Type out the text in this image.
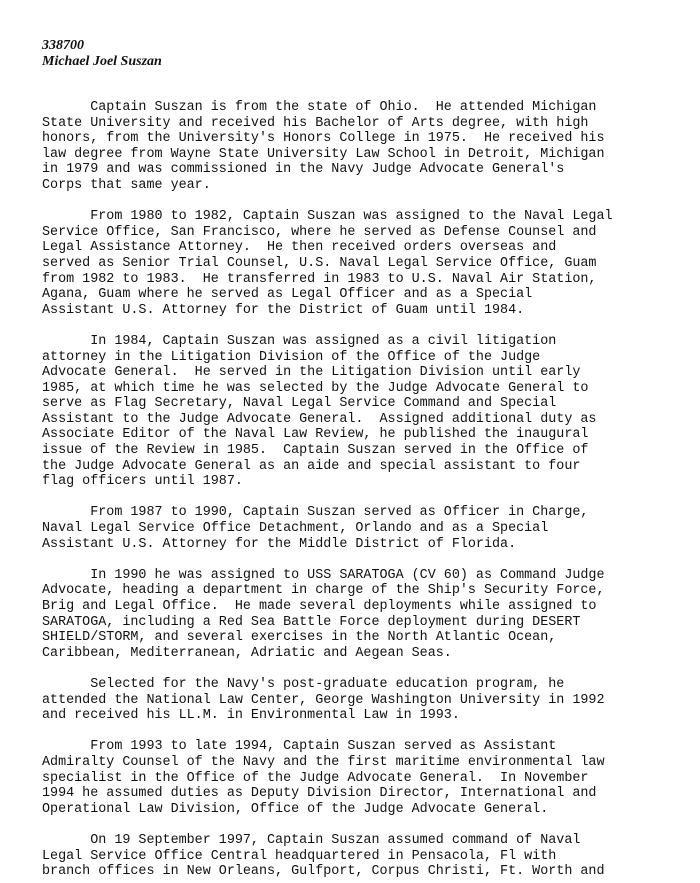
338700
Michael Joel Suszan

Captain Suszan is from the state of Ohio.  He attended Michigan
State University and received his Bachelor of Arts degree, with high
honors, from the University's Honors College in 1975.  He received his
law degree from Wayne State University Law School in Detroit, Michigan
in 1979 and was commissioned in the Navy Judge Advocate General's
Corps that same year.

From 1980 to 1982, Captain Suszan was assigned to the Naval Legal
Service Office, San Francisco, where he served as Defense Counsel and
Legal Assistance Attorney.  He then received orders overseas and
served as Senior Trial Counsel, U.S. Naval Legal Service Office, Guam
from 1982 to 1983.  He transferred in 1983 to U.S. Naval Air Station,
Agana, Guam where he served as Legal Officer and as a Special
Assistant U.S. Attorney for the District of Guam until 1984.

In 1984, Captain Suszan was assigned as a civil litigation
attorney in the Litigation Division of the Office of the Judge
Advocate General.  He served in the Litigation Division until early
1985, at which time he was selected by the Judge Advocate General to
serve as Flag Secretary, Naval Legal Service Command and Special
Assistant to the Judge Advocate General.  Assigned additional duty as
Associate Editor of the Naval Law Review, he published the inaugural
issue of the Review in 1985.  Captain Suszan served in the Office of
the Judge Advocate General as an aide and special assistant to four
flag officers until 1987.

From 1987 to 1990, Captain Suszan served as Officer in Charge,
Naval Legal Service Office Detachment, Orlando and as a Special
Assistant U.S. Attorney for the Middle District of Florida.

In 1990 he was assigned to USS SARATOGA (CV 60) as Command Judge
Advocate, heading a department in charge of the Ship's Security Force,
Brig and Legal Office.  He made several deployments while assigned to
SARATOGA, including a Red Sea Battle Force deployment during DESERT
SHIELD/STORM, and several exercises in the North Atlantic Ocean,
Caribbean, Mediterranean, Adriatic and Aegean Seas.

Selected for the Navy's post-graduate education program, he
attended the National Law Center, George Washington University in 1992
and received his LL.M. in Environmental Law in 1993.

From 1993 to late 1994, Captain Suszan served as Assistant
Admiralty Counsel of the Navy and the first maritime environmental law
specialist in the Office of the Judge Advocate General.  In November
1994 he assumed duties as Deputy Division Director, International and
Operational Law Division, Office of the Judge Advocate General.

On 19 September 1997, Captain Suszan assumed command of Naval
Legal Service Office Central headquartered in Pensacola, Fl with
branch offices in New Orleans, Gulfport, Corpus Christi, Ft. Worth and
